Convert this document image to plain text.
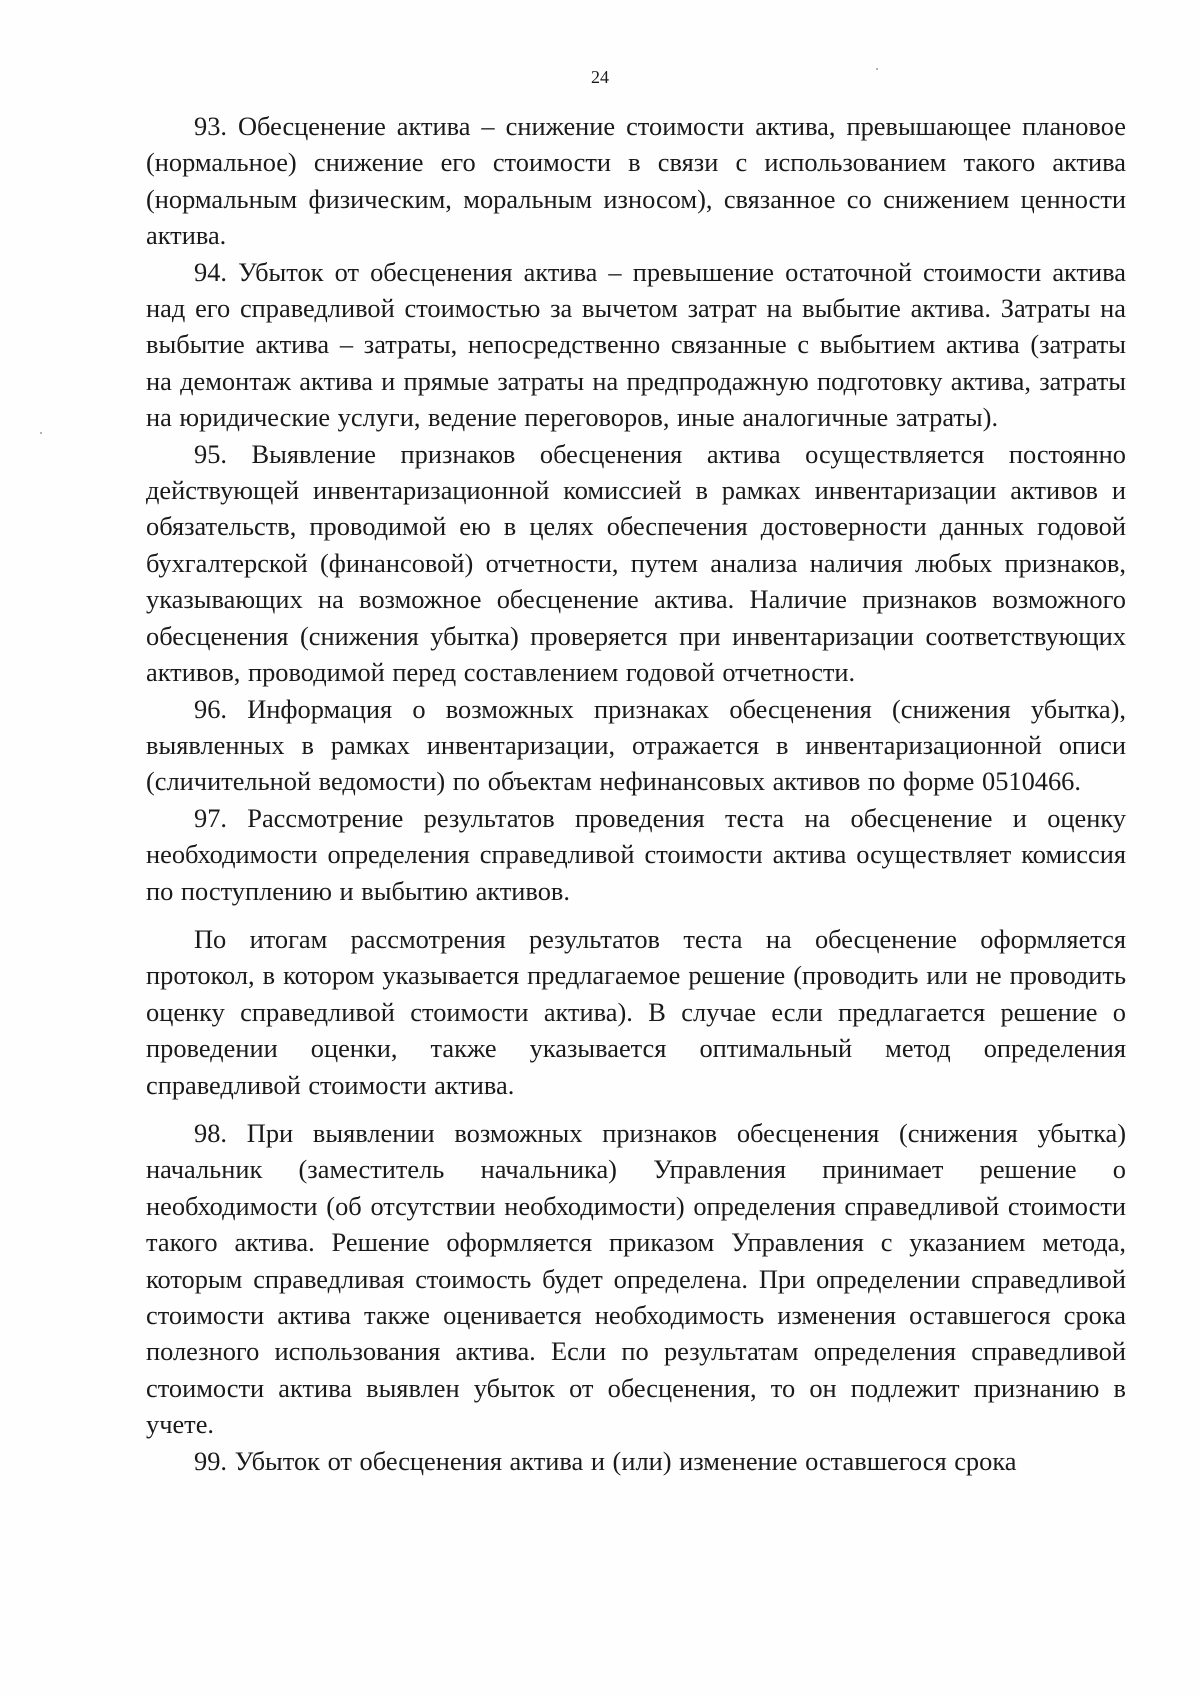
24

93. Обесценение актива – снижение стоимости актива, превышающее плановое (нормальное) снижение его стоимости в связи с использованием такого актива (нормальным физическим, моральным износом), связанное со снижением ценности актива.

94. Убыток от обесценения актива – превышение остаточной стоимости актива над его справедливой стоимостью за вычетом затрат на выбытие актива. Затраты на выбытие актива – затраты, непосредственно связанные с выбытием актива (затраты на демонтаж актива и прямые затраты на предпродажную подготовку актива, затраты на юридические услуги, ведение переговоров, иные аналогичные затраты).

95. Выявление признаков обесценения актива осуществляется постоянно действующей инвентаризационной комиссией в рамках инвентаризации активов и обязательств, проводимой ею в целях обеспечения достоверности данных годовой бухгалтерской (финансовой) отчетности, путем анализа наличия любых признаков, указывающих на возможное обесценение актива. Наличие признаков возможного обесценения (снижения убытка) проверяется при инвентаризации соответствующих активов, проводимой перед составлением годовой отчетности.

96. Информация о возможных признаках обесценения (снижения убытка), выявленных в рамках инвентаризации, отражается в инвентаризационной описи (сличительной ведомости) по объектам нефинансовых активов по форме 0510466.

97. Рассмотрение результатов проведения теста на обесценение и оценку необходимости определения справедливой стоимости актива осуществляет комиссия по поступлению и выбытию активов.

По итогам рассмотрения результатов теста на обесценение оформляется протокол, в котором указывается предлагаемое решение (проводить или не проводить оценку справедливой стоимости актива). В случае если предлагается решение о проведении оценки, также указывается оптимальный метод определения справедливой стоимости актива.

98. При выявлении возможных признаков обесценения (снижения убытка) начальник (заместитель начальника) Управления принимает решение о необходимости (об отсутствии необходимости) определения справедливой стоимости такого актива. Решение оформляется приказом Управления с указанием метода, которым справедливая стоимость будет определена. При определении справедливой стоимости актива также оценивается необходимость изменения оставшегося срока полезного использования актива. Если по результатам определения справедливой стоимости актива выявлен убыток от обесценения, то он подлежит признанию в учете.

99. Убыток от обесценения актива и (или) изменение оставшегося срока
